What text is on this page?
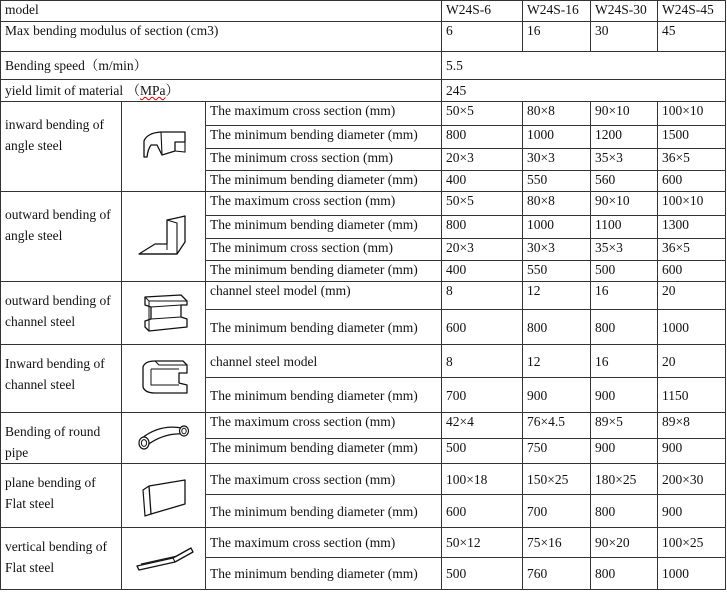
model			W24S-6	W24S-16	W24S-30	W24S-45
Max bending modulus of section (cm3)			6	16	30	45
Bending speed（m/min）			5.5			
yield limit of material （MPa）			245			

inward bending of
angle steel		The maximum cross section (mm)	50×5	80×8	90×10	100×10
		The minimum bending diameter (mm)	800	1000	1200	1500
		The minimum cross section (mm)	20×3	30×3	35×3	36×5
		The minimum bending diameter (mm)	400	550	560	600

outward bending of
angle steel		The maximum cross section (mm)	50×5	80×8	90×10	100×10
		The minimum bending diameter (mm)	800	1000	1100	1300
		The minimum cross section (mm)	20×3	30×3	35×3	36×5
		The minimum bending diameter (mm)	400	550	500	600

outward bending of
channel steel		channel steel model (mm)	8	12	16	20
		The minimum bending diameter (mm)	600	800	800	1000

Inward bending of
channel steel		channel steel model	8	12	16	20
		The minimum bending diameter (mm)	700	900	900	1150

Bending of round
pipe		The maximum cross section (mm)	42×4	76×4.5	89×5	89×8
		The minimum bending diameter (mm)	500	750	900	900

plane bending of
Flat steel		The maximum cross section (mm)	100×18	150×25	180×25	200×30
		The minimum bending diameter (mm)	600	700	800	900

vertical bending of
Flat steel		The maximum cross section (mm)	50×12	75×16	90×20	100×25
		The minimum bending diameter (mm)	500	760	800	1000
